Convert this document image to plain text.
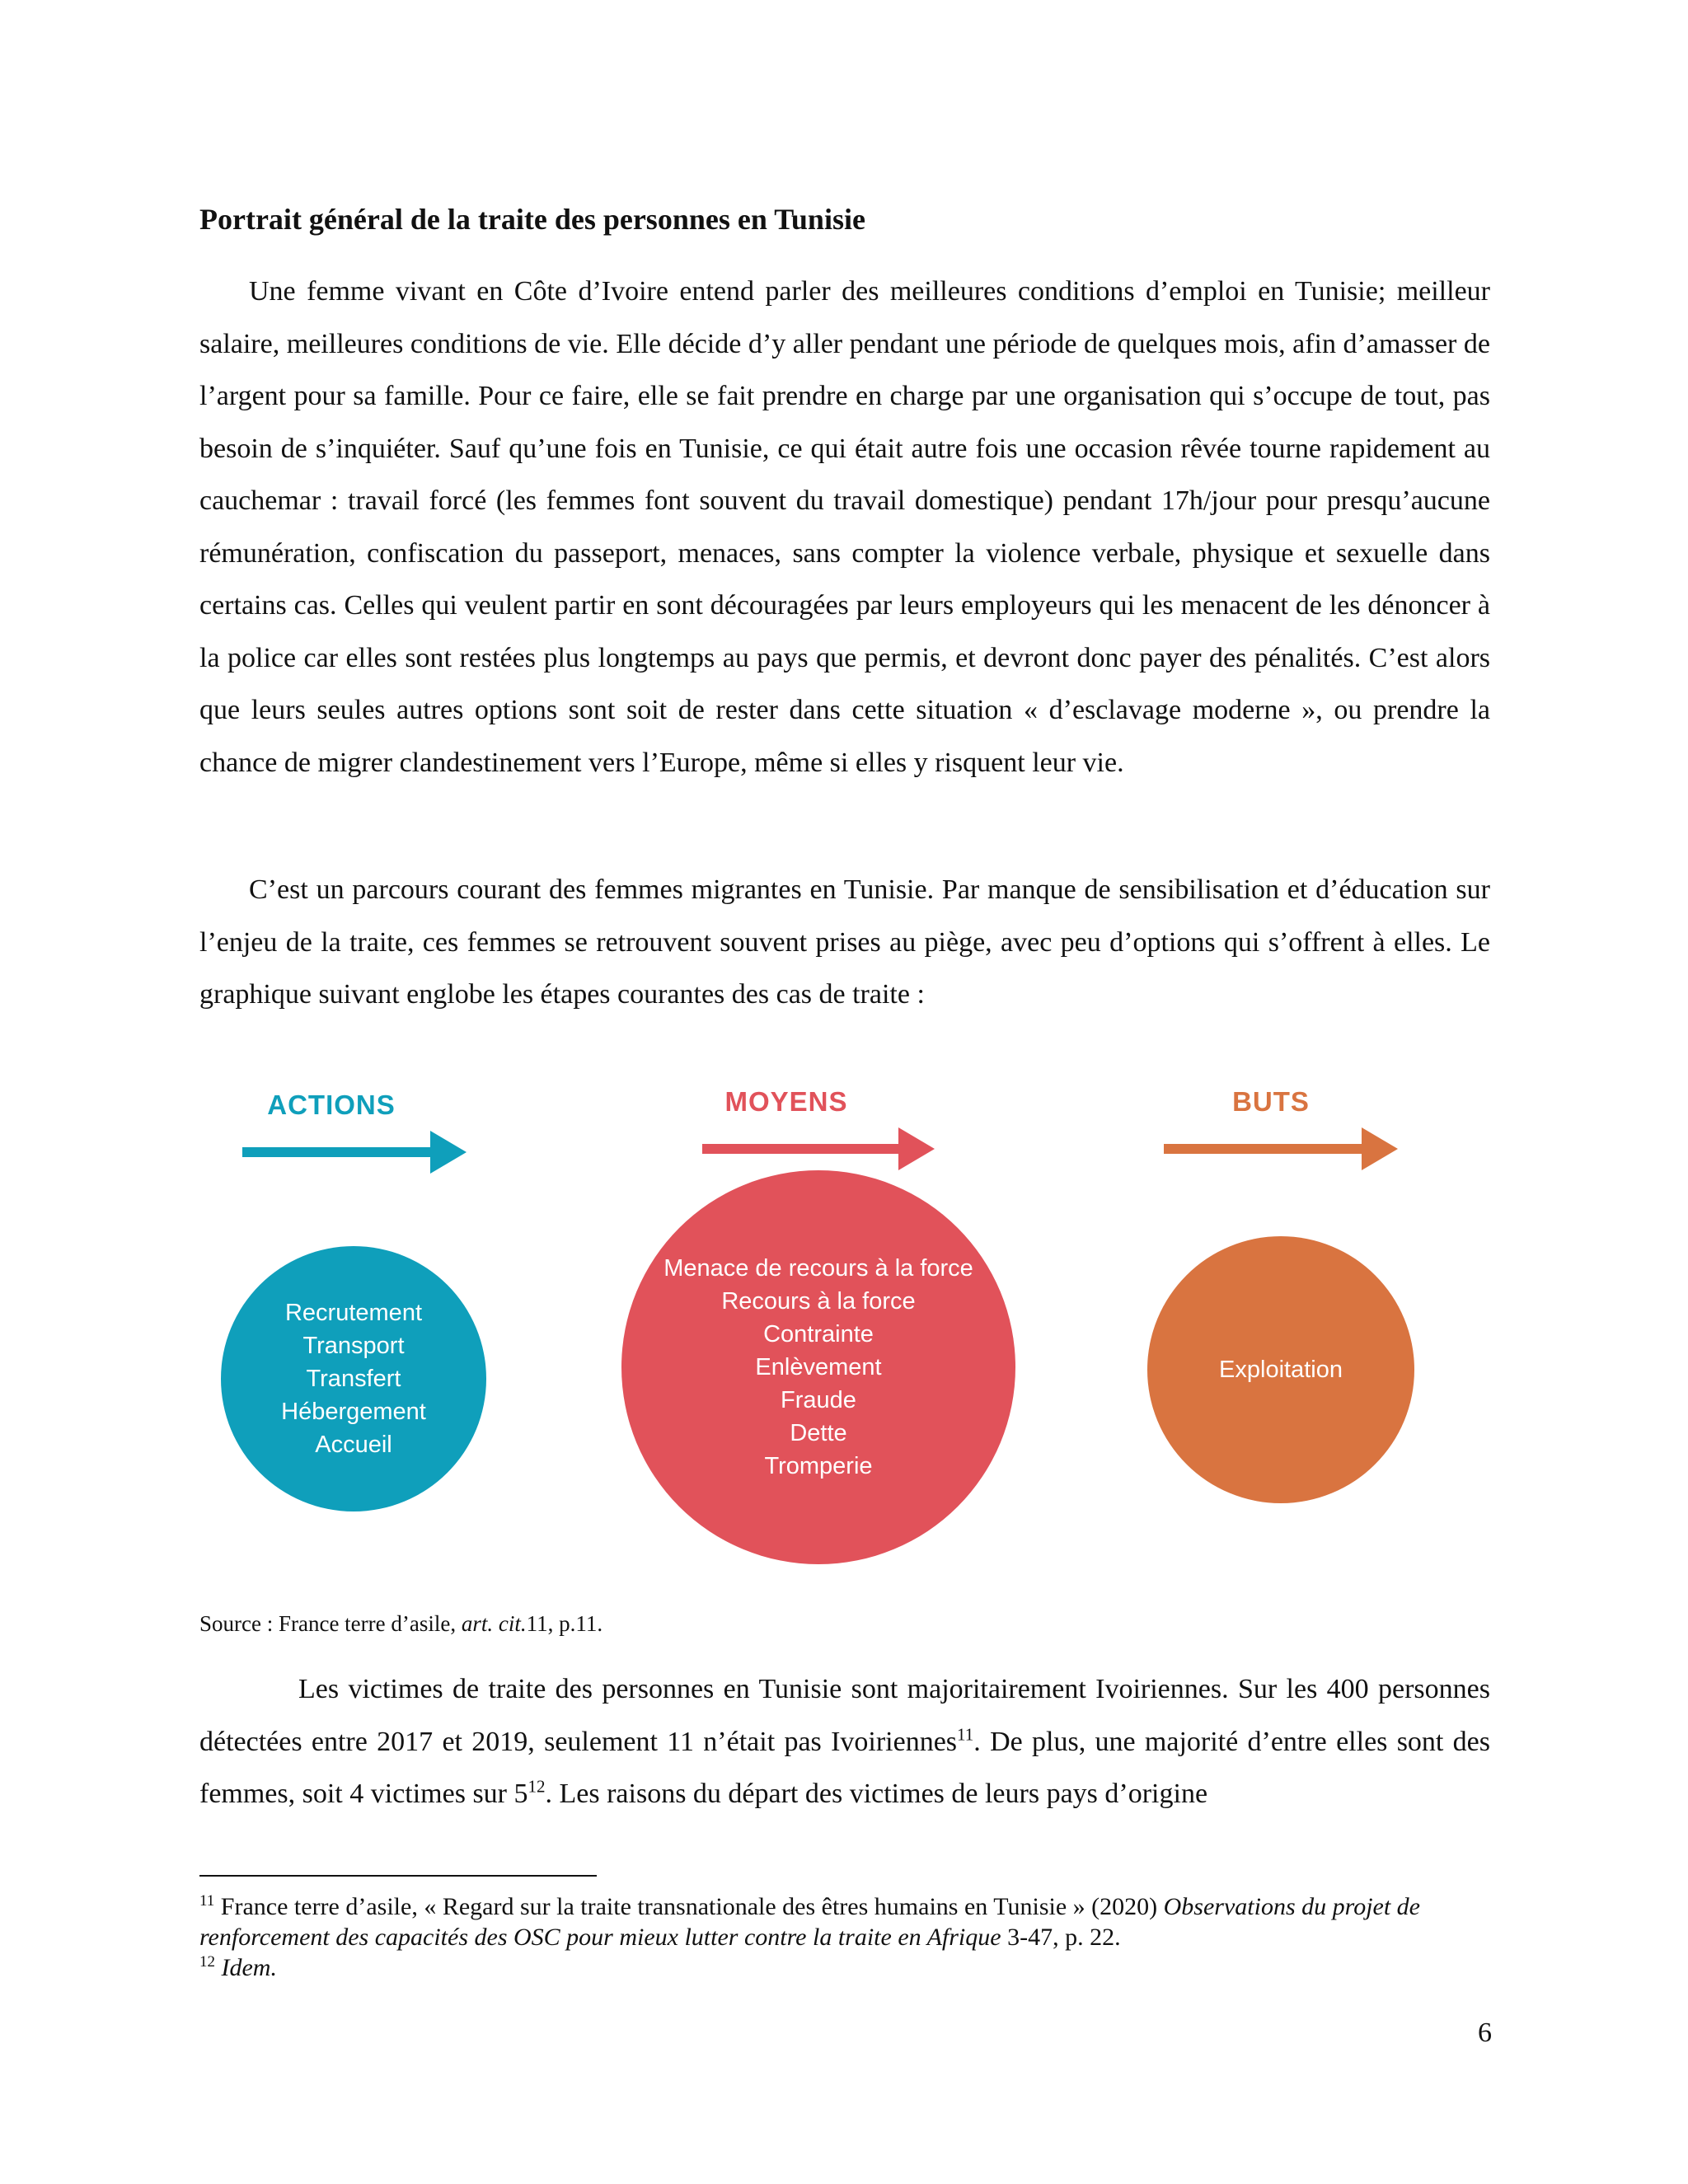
Portrait général de la traite des personnes en Tunisie
Une femme vivant en Côte d’Ivoire entend parler des meilleures conditions d’emploi en Tunisie; meilleur salaire, meilleures conditions de vie. Elle décide d’y aller pendant une période de quelques mois, afin d’amasser de l’argent pour sa famille. Pour ce faire, elle se fait prendre en charge par une organisation qui s’occupe de tout, pas besoin de s’inquiéter. Sauf qu’une fois en Tunisie, ce qui était autre fois une occasion rêvée tourne rapidement au cauchemar : travail forcé (les femmes font souvent du travail domestique) pendant 17h/jour pour presqu’aucune rémunération, confiscation du passeport, menaces, sans compter la violence verbale, physique et sexuelle dans certains cas. Celles qui veulent partir en sont découragées par leurs employeurs qui les menacent de les dénoncer à la police car elles sont restées plus longtemps au pays que permis, et devront donc payer des pénalités. C’est alors que leurs seules autres options sont soit de rester dans cette situation « d’esclavage moderne », ou prendre la chance de migrer clandestinement vers l’Europe, même si elles y risquent leur vie.
C’est un parcours courant des femmes migrantes en Tunisie. Par manque de sensibilisation et d’éducation sur l’enjeu de la traite, ces femmes se retrouvent souvent prises au piège, avec peu d’options qui s’offrent à elles. Le graphique suivant englobe les étapes courantes des cas de traite :
ACTIONS
Recrutement
Transport
Transfert
Hébergement
Accueil
MOYENS
Menace de recours à la force
Recours à la force
Contrainte
Enlèvement
Fraude
Dette
Tromperie
BUTS
Exploitation
Source : France terre d’asile, art. cit.11, p.11.
Les victimes de traite des personnes en Tunisie sont majoritairement Ivoiriennes. Sur les 400 personnes détectées entre 2017 et 2019, seulement 11 n’était pas Ivoiriennes$^{11}$. De plus, une majorité d’entre elles sont des femmes, soit 4 victimes sur $5^{12}$. Les raisons du départ des victimes de leurs pays d’origine
$^{11}$ France terre d’asile, « Regard sur la traite transnationale des êtres humains en Tunisie » (2020) Observations du projet de renforcement des capacités des OSC pour mieux lutter contre la traite en Afrique 3-47, p. 22.
$^{12}$ Idem.
6
